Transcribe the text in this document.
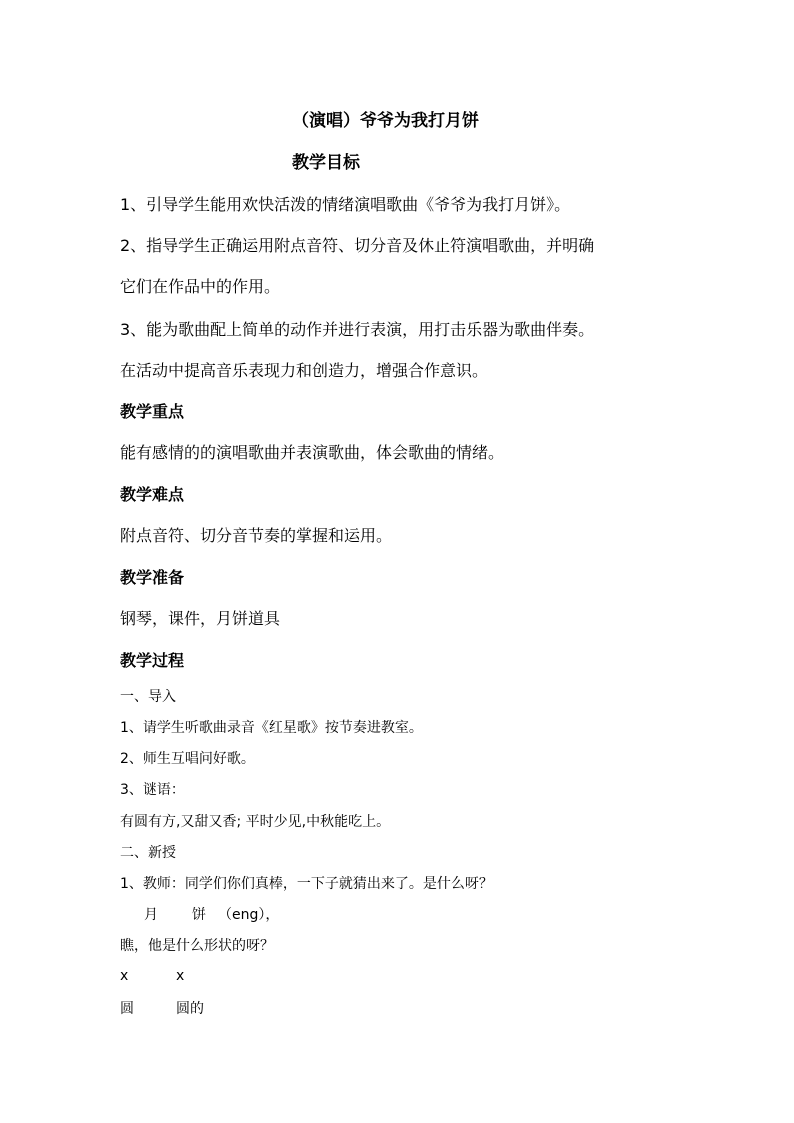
（演唱）爷爷为我打月饼
教学目标
1、引导学生能用欢快活泼的情绪演唱歌曲《爷爷为我打月饼》。
2、指导学生正确运用附点音符、切分音及休止符演唱歌曲，并明确
它们在作品中的作用。
3、能为歌曲配上简单的动作并进行表演，用打击乐器为歌曲伴奏。
在活动中提高音乐表现力和创造力，增强合作意识。
教学重点
能有感情的的演唱歌曲并表演歌曲，体会歌曲的情绪。
教学难点
附点音符、切分音节奏的掌握和运用。
教学准备
钢琴，课件，月饼道具
教学过程
一、导入
1、请学生听歌曲录音《红星歌》按节奏进教室。
2、师生互唱问好歌。
3、谜语：
有圆有方,又甜又香; 平时少见,中秋能吃上。
二、新授
1、教师：同学们你们真棒，一下子就猜出来了。是什么呀？
月 饼 （eng），
瞧，他是什么形状的呀？
x	x
圆	圆的
